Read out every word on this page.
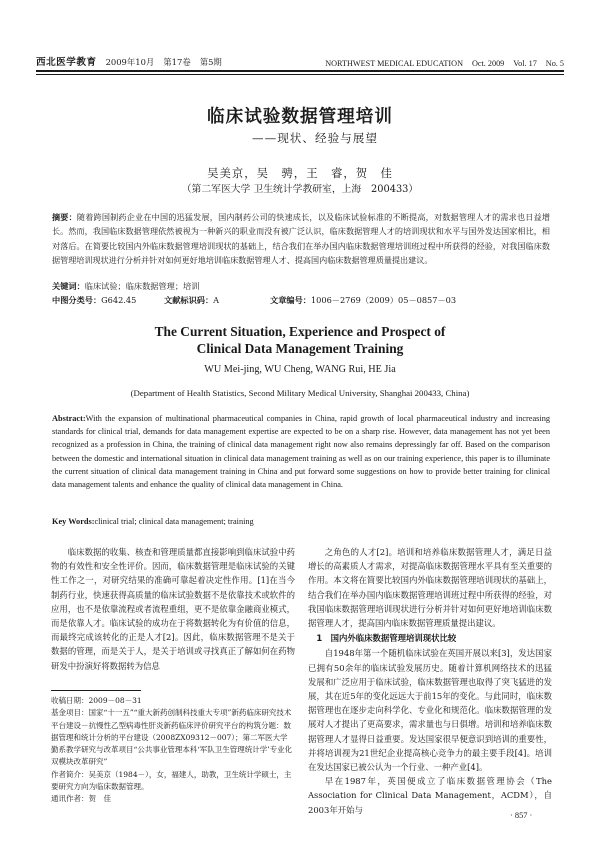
西北医学教育 2009年10月 第17卷 第5期	NORTHWEST MEDICAL EDUCATION Oct. 2009 Vol. 17 No. 5
临床试验数据管理培训
——现状、经验与展望
吴美京，吴　骋，王　睿，贺　佳
（第二军医大学 卫生统计学教研室，上海　200433）
摘要：随着跨国制药企业在中国的迅猛发展，国内制药公司的快速成长，以及临床试验标准的不断提高，对数据管理人才的需求也日益增长。然而，我国临床数据管理依然被视为一种新兴的职业而没有被广泛认识，临床数据管理人才的培训现状和水平与国外发达国家相比，相对落后。在简要比较国内外临床数据管理培训现状的基础上，结合我们在举办国内临床数据管理培训班过程中所获得的经验，对我国临床数据管理培训现状进行分析并针对如何更好地培训临床数据管理人才、提高国内临床数据管理质量提出建议。
关键词：临床试验；临床数据管理；培训
中图分类号：G642.45	文献标识码：A	文章编号：1006－2769（2009）05－0857－03
The Current Situation, Experience and Prospect of
Clinical Data Management Training
WU Mei-jing, WU Cheng, WANG Rui, HE Jia
(Department of Health Statistics, Second Military Medical University, Shanghai 200433, China)
Abstract:With the expansion of multinational pharmaceutical companies in China, rapid growth of local pharmaceutical industry and increasing standards for clinical trial, demands for data management expertise are expected to be on a sharp rise. However, data management has not yet been recognized as a profession in China, the training of clinical data management right now also remains depressingly far off. Based on the comparison between the domestic and international situation in clinical data management training as well as on our training experience, this paper is to illuminate the current situation of clinical data management training in China and put forward some suggestions on how to provide better training for clinical data management talents and enhance the quality of clinical data management in China.
Key Words:clinical trial; clinical data management; training

临床数据的收集、核查和管理质量都直接影响到临床试验中药物的有效性和安全性评价。因而，临床数据管理是临床试验的关键性工作之一，对研究结果的准确可靠起着决定性作用。[1]在当今制药行业，快速获得高质量的临床试验数据不是依靠技术或软件的应用，也不是依靠流程或者流程重组，更不是依靠金融商业模式，而是依靠人才。临床试验的成功在于将数据转化为有价值的信息，而最终完成该转化的正是人才[2]。因此，临床数据管理不是关于数据的管理，而是关于人，是关于培训或寻找真正了解如何在药物研发中扮演好将数据转为信息

之角色的人才[2]。培训和培养临床数据管理人才，满足日益增长的高素质人才需求，对提高临床数据管理水平具有至关重要的作用。本文将在简要比较国内外临床数据管理培训现状的基础上，结合我们在举办国内临床数据管理培训班过程中所获得的经验，对我国临床数据管理培训现状进行分析并针对如何更好地培训临床数据管理人才，提高国内临床数据管理质量提出建议。

1　国内外临床数据管理培训现状比较

自1948年第一个随机临床试验在英国开展以来[3]，发达国家已拥有50余年的临床试验发展历史。随着计算机网络技术的迅猛发展和广泛应用于临床试验，临床数据管理也取得了突飞猛进的发展，其在近5年的变化远远大于前15年的变化。与此同时，临床数据管理也在逐步走向科学化、专业化和规范化。临床数据管理的发展对人才提出了更高要求，需求量也与日俱增。培训和培养临床数据管理人才显得日益重要。发达国家很早便意识到培训的重要性，并将培训视为21世纪企业提高核心竞争力的最主要手段[4]。培训在发达国家已被公认为一个行业、一种产业[4]。

早在1987年，英国便成立了临床数据管理协会（The Association for Clinical Data Management，ACDM），自2003年开始与

收稿日期：2009－08－31
基金项目：国家“十一五”“重大新药创制科技重大专项”新药临床研究技术平台建设－抗慢性乙型病毒性肝炎新药临床评价研究平台的构筑分题：数据管理和统计分析的平台建设（2008ZX09312－007）；第二军医大学勤系教学研究与改革项目“公共事业管理本科‘军队卫生管理统计学’专业化双模块改革研究”
作者简介：吴美京（1984－），女，福建人，助教，卫生统计学硕士，主要研究方向为临床数据管理。
通讯作者：贺　佳
· 857 ·
